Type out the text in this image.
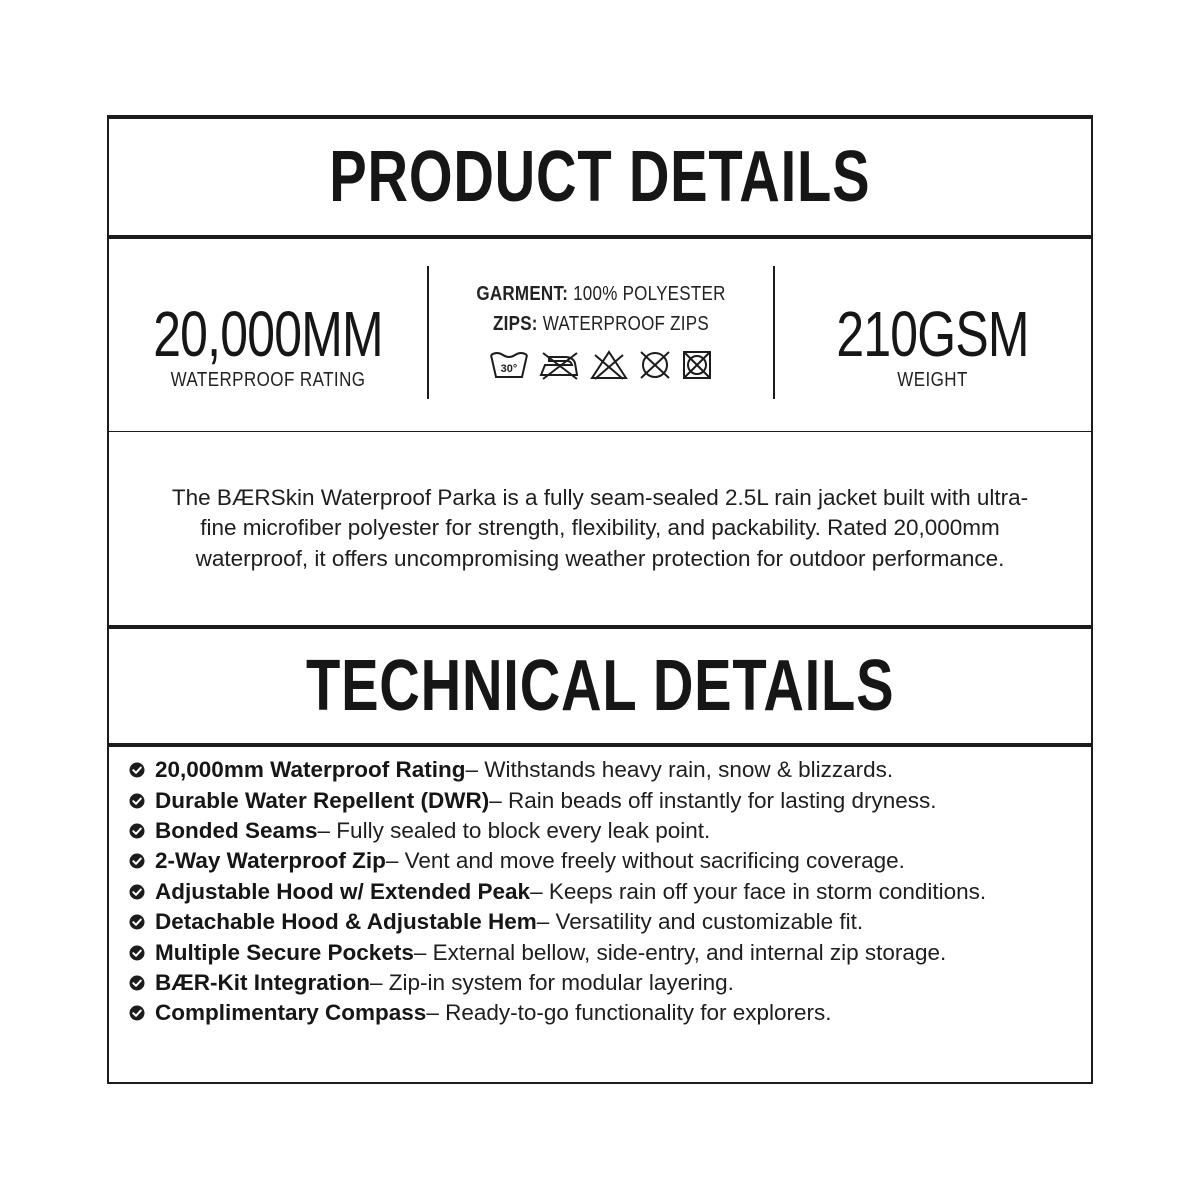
PRODUCT DETAILS
20,000MM
WATERPROOF RATING
GARMENT: 100% POLYESTER
ZIPS: WATERPROOF ZIPS
30°	210GSM
WEIGHT

The BÆRSkin Waterproof Parka is a fully seam-sealed 2.5L rain jacket built with ultra-fine microfiber polyester for strength, flexibility, and packability. Rated 20,000mm waterproof, it offers uncompromising weather protection for outdoor performance.

TECHNICAL DETAILS
20,000mm Waterproof Rating – Withstands heavy rain, snow & blizzards.
Durable Water Repellent (DWR) – Rain beads off instantly for lasting dryness.
Bonded Seams – Fully sealed to block every leak point.
2-Way Waterproof Zip – Vent and move freely without sacrificing coverage.
Adjustable Hood w/ Extended Peak – Keeps rain off your face in storm conditions.
Detachable Hood & Adjustable Hem – Versatility and customizable fit.
Multiple Secure Pockets – External bellow, side-entry, and internal zip storage.
BÆR-Kit Integration – Zip-in system for modular layering.
Complimentary Compass – Ready-to-go functionality for explorers.
